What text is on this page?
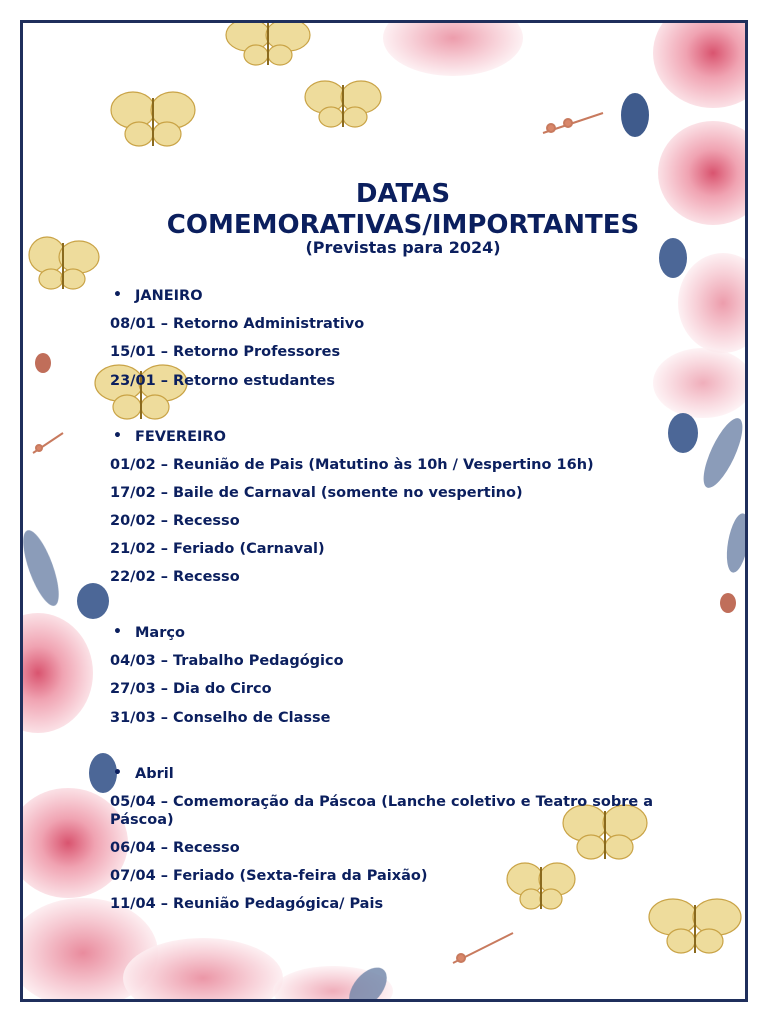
DATAS
COMEMORATIVAS/IMPORTANTES
(Previstas para 2024)

• JANEIRO

08/01 – Retorno Administrativo

15/01 – Retorno Professores

23/01 – Retorno estudantes

• FEVEREIRO

01/02 – Reunião de Pais (Matutino às 10h / Vespertino 16h)

17/02 – Baile de Carnaval (somente no vespertino)

20/02 – Recesso

21/02 – Feriado (Carnaval)

22/02 – Recesso

• Março

04/03 – Trabalho Pedagógico

27/03 – Dia do Circo

31/03 – Conselho de Classe

• Abril

05/04 – Comemoração da Páscoa (Lanche coletivo e Teatro sobre a Páscoa)

06/04 – Recesso

07/04 – Feriado (Sexta-feira da Paixão)

11/04 – Reunião Pedagógica/ Pais
